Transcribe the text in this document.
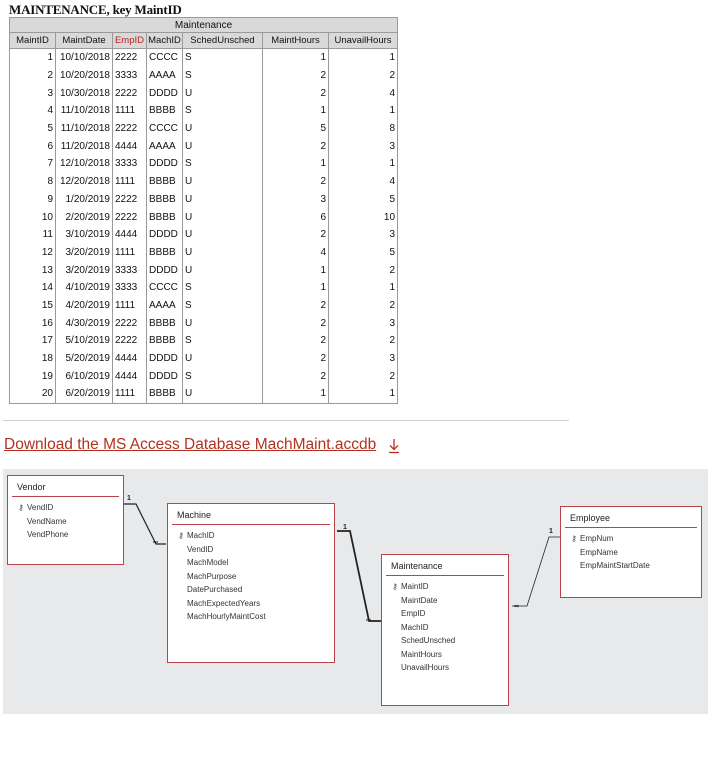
MAINTENANCE, key MaintID
Maintenance						
MaintID	MaintDate	EmpID	MachID	SchedUnsched	MaintHours	UnavailHours
1	10/10/2018	2222	CCCC	S	1	1
2	10/20/2018	3333	AAAA	S	2	2
3	10/30/2018	2222	DDDD	U	2	4
4	11/10/2018	1111	BBBB	S	1	1
5	11/10/2018	2222	CCCC	U	5	8
6	11/20/2018	4444	AAAA	U	2	3
7	12/10/2018	3333	DDDD	S	1	1
8	12/20/2018	1111	BBBB	U	2	4
9	1/20/2019	2222	BBBB	U	3	5
10	2/20/2019	2222	BBBB	U	6	10
11	3/10/2019	4444	DDDD	U	2	3
12	3/20/2019	1111	BBBB	U	4	5
13	3/20/2019	3333	DDDD	U	1	2
14	4/10/2019	3333	CCCC	S	1	1
15	4/20/2019	1111	AAAA	S	2	2
16	4/30/2019	2222	BBBB	U	2	3
17	5/10/2019	2222	BBBB	S	2	2
18	5/20/2019	4444	DDDD	U	2	3
19	6/10/2019	4444	DDDD	S	2	2
20	6/20/2019	1111	BBBB	U	1	1
Download the MS Access Database MachMaint.accdb
1
∞
1
∞
1
∞
Vendor
⚷ VendID
VendName
VendPhone
Machine
⚷ MachID
VendID
MachModel
MachPurpose
DatePurchased
MachExpectedYears
MachHourlyMaintCost
Maintenance
⚷ MaintID
MaintDate
EmpID
MachID
SchedUnsched
MaintHours
UnavailHours
Employee
⚷ EmpNum
EmpName
EmpMaintStartDate
